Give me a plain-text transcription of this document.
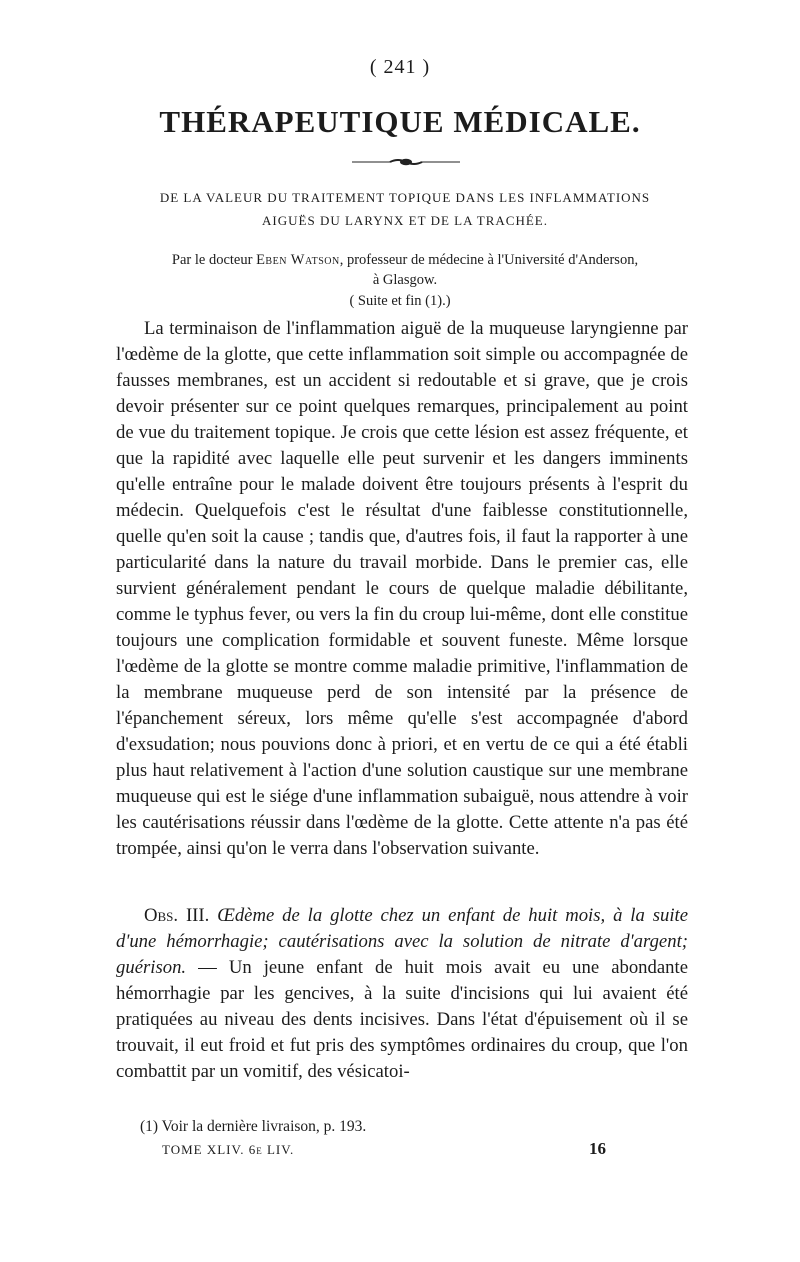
( 241 )
THÉRAPEUTIQUE MÉDICALE.
DE LA VALEUR DU TRAITEMENT TOPIQUE DANS LES INFLAMMATIONS
AIGUËS DU LARYNX ET DE LA TRACHÉE.
Par le docteur Eben Watson, professeur de médecine à l'Université d'Anderson,
à Glasgow.
( Suite et fin (1).)

La terminaison de l'inflammation aiguë de la muqueuse laryngienne par l'œdème de la glotte, que cette inflammation soit simple ou accompagnée de fausses membranes, est un accident si redoutable et si grave, que je crois devoir présenter sur ce point quelques remarques, principalement au point de vue du traitement topique. Je crois que cette lésion est assez fréquente, et que la rapidité avec laquelle elle peut survenir et les dangers imminents qu'elle entraîne pour le malade doivent être toujours présents à l'esprit du médecin. Quelquefois c'est le résultat d'une faiblesse constitutionnelle, quelle qu'en soit la cause ; tandis que, d'autres fois, il faut la rapporter à une particularité dans la nature du travail morbide. Dans le premier cas, elle survient généralement pendant le cours de quelque maladie débilitante, comme le typhus fever, ou vers la fin du croup lui-même, dont elle constitue toujours une complication formidable et souvent funeste. Même lorsque l'œdème de la glotte se montre comme maladie primitive, l'inflammation de la membrane muqueuse perd de son intensité par la présence de l'épanchement séreux, lors même qu'elle s'est accompagnée d'abord d'exsudation; nous pouvions donc à priori, et en vertu de ce qui a été établi plus haut relativement à l'action d'une solution caustique sur une membrane muqueuse qui est le siége d'une inflammation subaiguë, nous attendre à voir les cautérisations réussir dans l'œdème de la glotte. Cette attente n'a pas été trompée, ainsi qu'on le verra dans l'observation suivante.

Obs. III. Œdème de la glotte chez un enfant de huit mois, à la suite d'une hémorrhagie; cautérisations avec la solution de nitrate d'argent; guérison. — Un jeune enfant de huit mois avait eu une abondante hémorrhagie par les gencives, à la suite d'incisions qui lui avaient été pratiquées au niveau des dents incisives. Dans l'état d'épuisement où il se trouvait, il eut froid et fut pris des symptômes ordinaires du croup, que l'on combattit par un vomitif, des vésicatoi-

(1) Voir la dernière livraison, p. 193.
TOME XLIV. 6e LIV.	16
